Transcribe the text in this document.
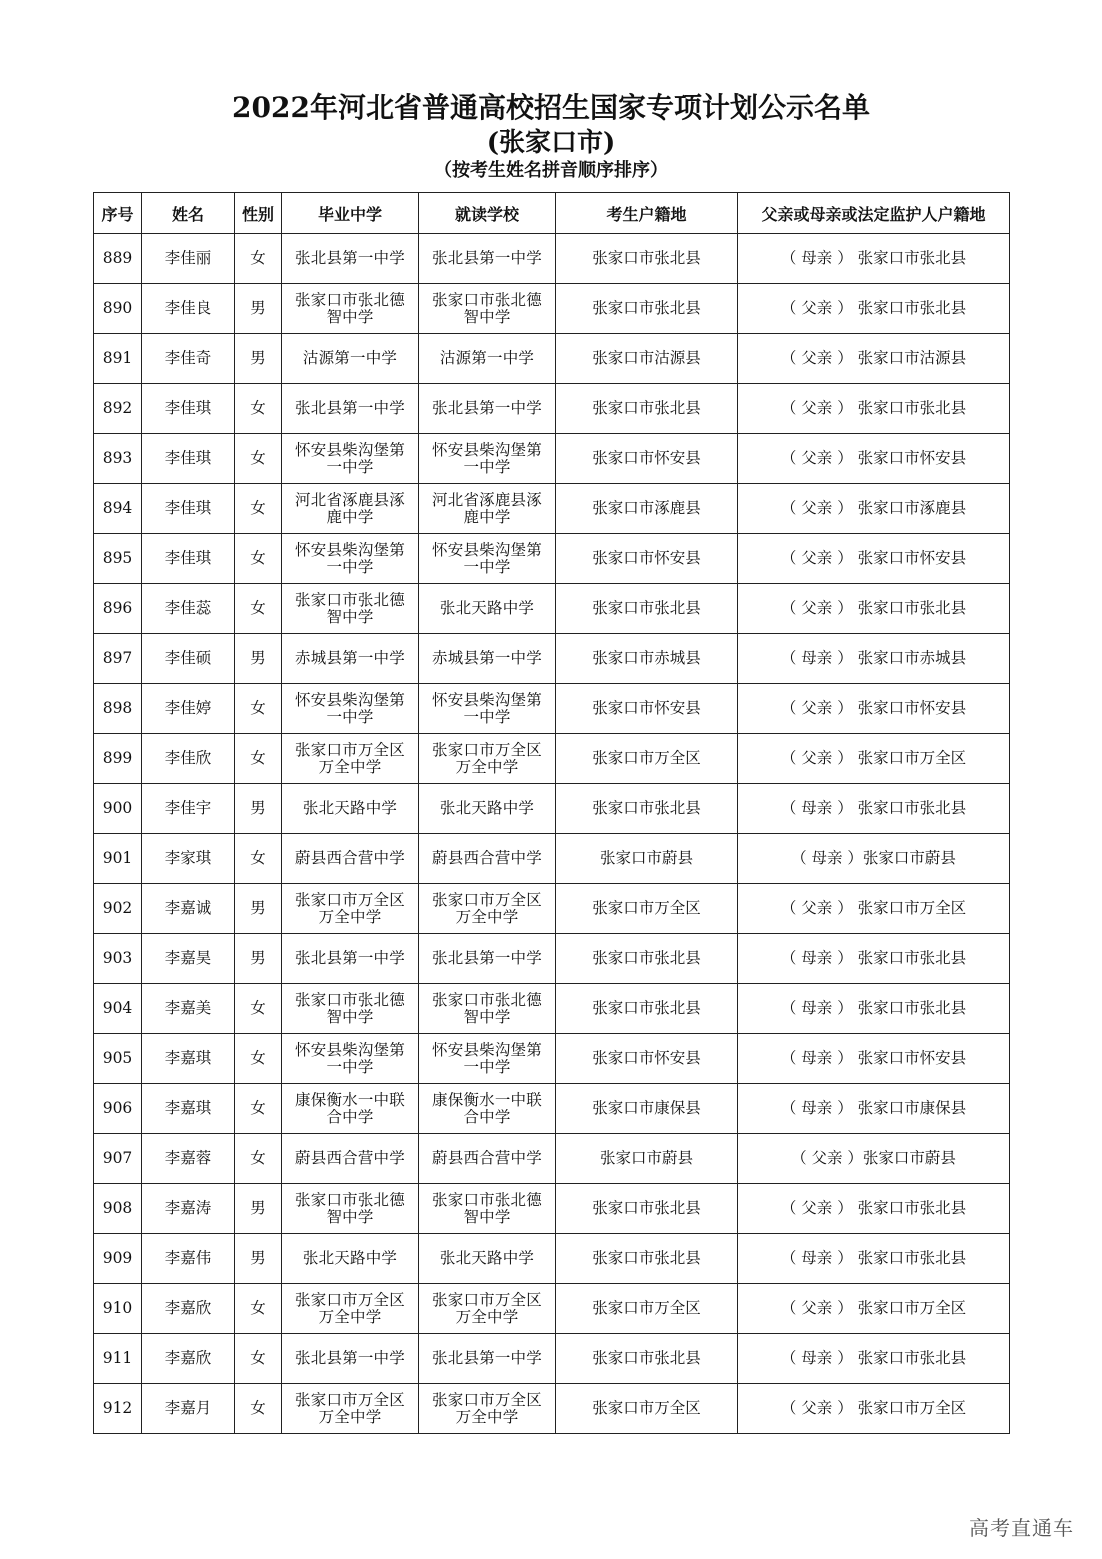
2022年河北省普通高校招生国家专项计划公示名单
(张家口市)
（按考生姓名拼音顺序排序）
序号	姓名	性别	毕业中学	就读学校	考生户籍地	父亲或母亲或法定监护人户籍地
889	李佳丽	女	张北县第一中学	张北县第一中学	张家口市张北县	（ 母亲 ） 张家口市张北县
890	李佳良	男	张家口市张北德智中学	张家口市张北德智中学	张家口市张北县	（ 父亲 ） 张家口市张北县
891	李佳奇	男	沽源第一中学	沽源第一中学	张家口市沽源县	（ 父亲 ） 张家口市沽源县
892	李佳琪	女	张北县第一中学	张北县第一中学	张家口市张北县	（ 父亲 ） 张家口市张北县
893	李佳琪	女	怀安县柴沟堡第一中学	怀安县柴沟堡第一中学	张家口市怀安县	（ 父亲 ） 张家口市怀安县
894	李佳琪	女	河北省涿鹿县涿鹿中学	河北省涿鹿县涿鹿中学	张家口市涿鹿县	（ 父亲 ） 张家口市涿鹿县
895	李佳琪	女	怀安县柴沟堡第一中学	怀安县柴沟堡第一中学	张家口市怀安县	（ 父亲 ） 张家口市怀安县
896	李佳蕊	女	张家口市张北德智中学	张北天路中学	张家口市张北县	（ 父亲 ） 张家口市张北县
897	李佳硕	男	赤城县第一中学	赤城县第一中学	张家口市赤城县	（ 母亲 ） 张家口市赤城县
898	李佳婷	女	怀安县柴沟堡第一中学	怀安县柴沟堡第一中学	张家口市怀安县	（ 父亲 ） 张家口市怀安县
899	李佳欣	女	张家口市万全区万全中学	张家口市万全区万全中学	张家口市万全区	（ 父亲 ） 张家口市万全区
900	李佳宇	男	张北天路中学	张北天路中学	张家口市张北县	（ 母亲 ） 张家口市张北县
901	李家琪	女	蔚县西合营中学	蔚县西合营中学	张家口市蔚县	（ 母亲 ）张家口市蔚县
902	李嘉诚	男	张家口市万全区万全中学	张家口市万全区万全中学	张家口市万全区	（ 父亲 ） 张家口市万全区
903	李嘉昊	男	张北县第一中学	张北县第一中学	张家口市张北县	（ 母亲 ） 张家口市张北县
904	李嘉美	女	张家口市张北德智中学	张家口市张北德智中学	张家口市张北县	（ 母亲 ） 张家口市张北县
905	李嘉琪	女	怀安县柴沟堡第一中学	怀安县柴沟堡第一中学	张家口市怀安县	（ 母亲 ） 张家口市怀安县
906	李嘉琪	女	康保衡水一中联合中学	康保衡水一中联合中学	张家口市康保县	（ 母亲 ） 张家口市康保县
907	李嘉蓉	女	蔚县西合营中学	蔚县西合营中学	张家口市蔚县	（ 父亲 ）张家口市蔚县
908	李嘉涛	男	张家口市张北德智中学	张家口市张北德智中学	张家口市张北县	（ 父亲 ） 张家口市张北县
909	李嘉伟	男	张北天路中学	张北天路中学	张家口市张北县	（ 母亲 ） 张家口市张北县
910	李嘉欣	女	张家口市万全区万全中学	张家口市万全区万全中学	张家口市万全区	（ 父亲 ） 张家口市万全区
911	李嘉欣	女	张北县第一中学	张北县第一中学	张家口市张北县	（ 母亲 ） 张家口市张北县
912	李嘉月	女	张家口市万全区万全中学	张家口市万全区万全中学	张家口市万全区	（ 父亲 ） 张家口市万全区
高考直通车
